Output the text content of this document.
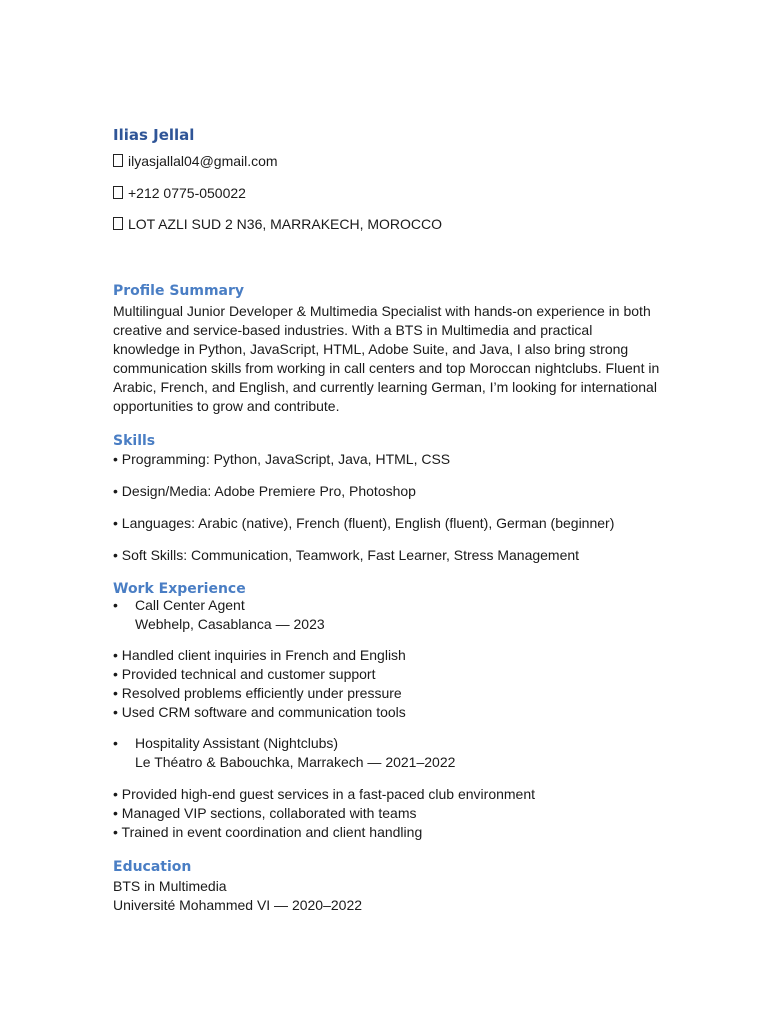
Ilias Jellal

ilyasjallal04@gmail.com

+212 0775-050022

LOT AZLI SUD 2 N36, MARRAKECH, MOROCCO

Profile Summary

Multilingual Junior Developer & Multimedia Specialist with hands-on experience in both

creative and service-based industries. With a BTS in Multimedia and practical

knowledge in Python, JavaScript, HTML, Adobe Suite, and Java, I also bring strong

communication skills from working in call centers and top Moroccan nightclubs. Fluent in

Arabic, French, and English, and currently learning German, I’m looking for international

opportunities to grow and contribute.

Skills

• Programming: Python, JavaScript, Java, HTML, CSS

• Design/Media: Adobe Premiere Pro, Photoshop

• Languages: Arabic (native), French (fluent), English (fluent), German (beginner)

• Soft Skills: Communication, Teamwork, Fast Learner, Stress Management

Work Experience
• Call Center Agent

Webhelp, Casablanca — 2023

• Handled client inquiries in French and English

• Provided technical and customer support

• Resolved problems efficiently under pressure

• Used CRM software and communication tools

• Hospitality Assistant (Nightclubs)

Le Théatro & Babouchka, Marrakech — 2021–2022

• Provided high-end guest services in a fast-paced club environment

• Managed VIP sections, collaborated with teams

• Trained in event coordination and client handling

Education

BTS in Multimedia

Université Mohammed VI — 2020–2022
